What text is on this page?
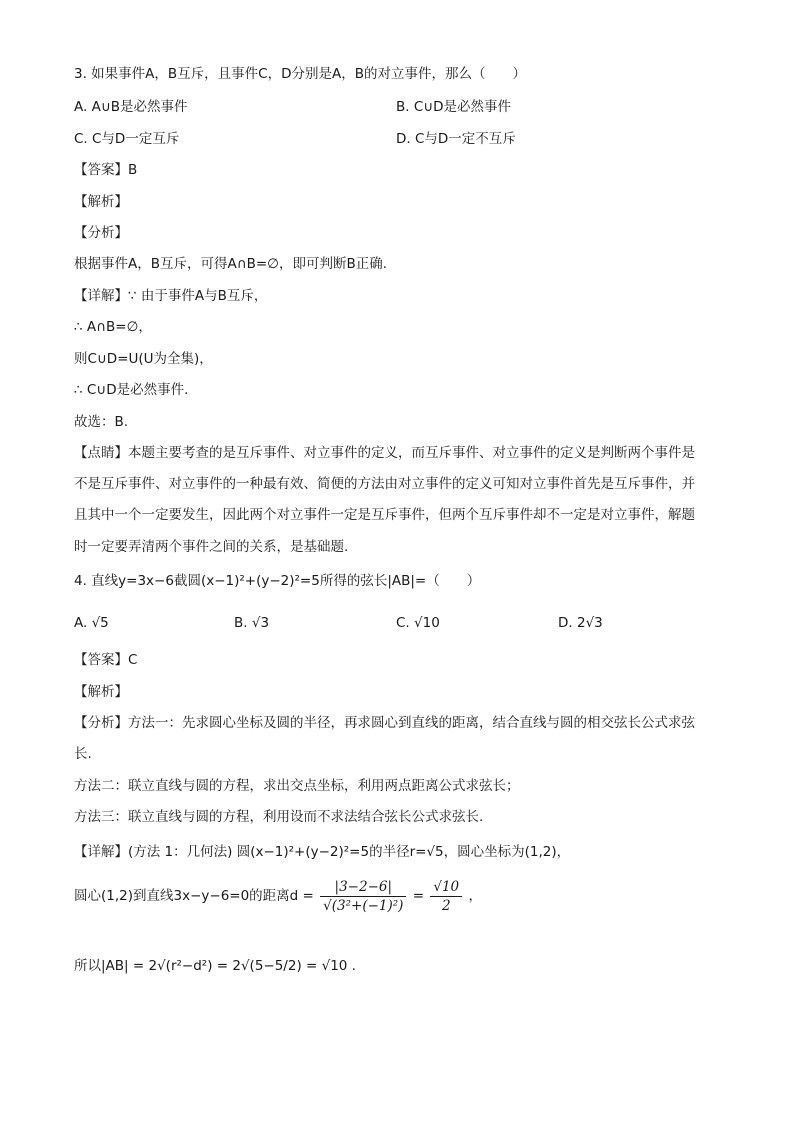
3. 如果事件A，B互斥，且事件C，D分别是A，B的对立事件，那么（　　）
A. A∪B是必然事件	B. C∪D是必然事件
C. C与D一定互斥	D. C与D一定不互斥
【答案】B
【解析】
【分析】
根据事件A，B互斥，可得A∩B=∅，即可判断B正确.
【详解】∵ 由于事件A与B互斥，
∴ A∩B=∅，
则C∪D=U(U为全集)，
∴ C∪D是必然事件.
故选：B.
【点睛】本题主要考查的是互斥事件、对立事件的定义，而互斥事件、对立事件的定义是判断两个事件是
不是互斥事件、对立事件的一种最有效、简便的方法由对立事件的定义可知对立事件首先是互斥事件，并
且其中一个一定要发生，因此两个对立事件一定是互斥事件，但两个互斥事件却不一定是对立事件，解题
时一定要弄清两个事件之间的关系，是基础题.
4. 直线y=3x−6截圆(x−1)²+(y−2)²=5所得的弦长|AB|=（　　）
A. √5	B. √3	C. √10	D. 2√3
【答案】C
【解析】
【分析】方法一：先求圆心坐标及圆的半径，再求圆心到直线的距离，结合直线与圆的相交弦长公式求弦
长.
方法二：联立直线与圆的方程，求出交点坐标，利用两点距离公式求弦长；
方法三：联立直线与圆的方程，利用设而不求法结合弦长公式求弦长.
【详解】(方法 1：几何法) 圆(x−1)²+(y−2)²=5的半径r=√5，圆心坐标为(1,2)，
圆心(1,2)到直线3x−y−6=0的距离$d = \frac{|3-2-6|}{\text{√(3²+(−1)²)}} = \frac{√10}{2}$ ，
所以|AB| = 2√(r²−d²) = 2√(5−5/2) = √10 .
